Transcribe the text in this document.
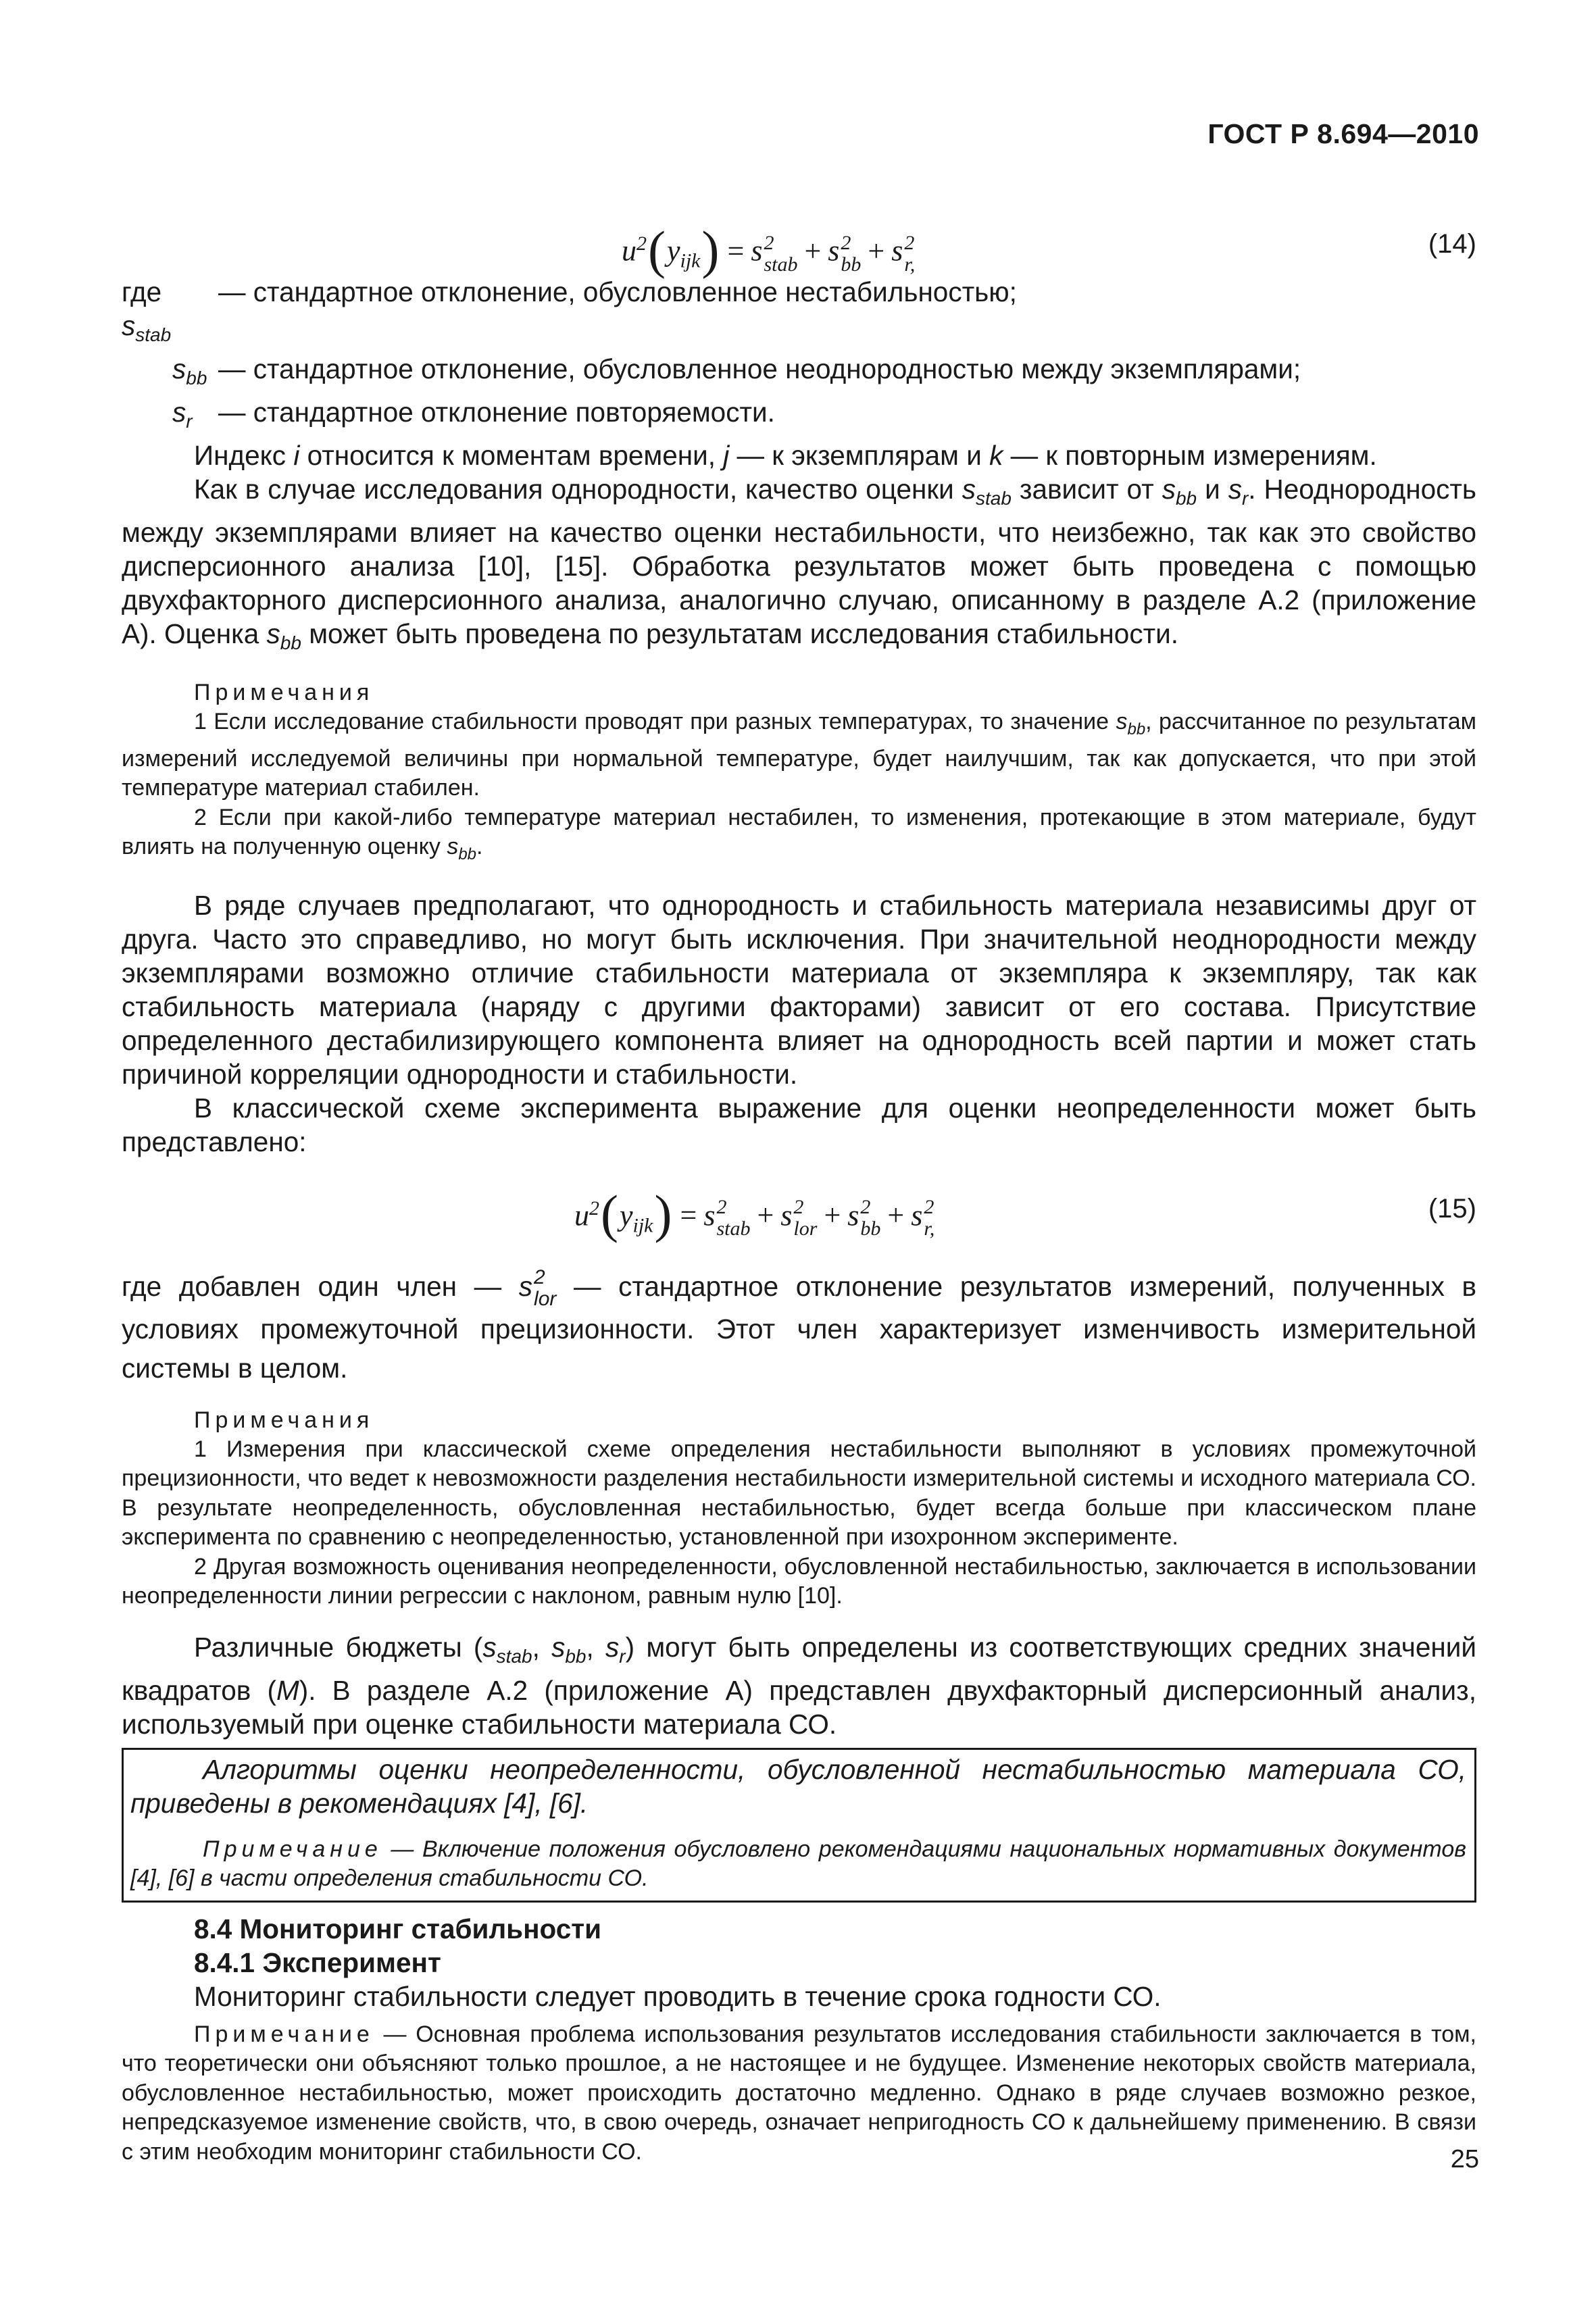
ГОСТ Р 8.694—2010
$u^2(y_{ijk}) = s$ 2
stab + s 2
bb + s 2
r,
(14)
где $s_{stab}$
— стандартное отклонение, обусловленное нестабильностью;
$s_{bb}$ — стандартное отклонение, обусловленное неоднородностью между экземплярами;
$s_r$ — стандартное отклонение повторяемости.

Индекс i относится к моментам времени, j — к экземплярам и k — к повторным измерениям.

Как в случае исследования однородности, качество оценки $s_{stab}$ зависит от $s_{bb}$ и $s_r$. Неоднородность между экземплярами влияет на качество оценки нестабильности, что неизбежно, так как это свойство дисперсионного анализа [10], [15]. Обработка результатов может быть проведена с помощью двухфакторного дисперсионного анализа, аналогично случаю, описанному в разделе А.2 (приложение А). Оценка $s_{bb}$ может быть проведена по результатам исследования стабильности.

Примечания

1 Если исследование стабильности проводят при разных температурах, то значение $s_{bb}$, рассчитанное по результатам измерений исследуемой величины при нормальной температуре, будет наилучшим, так как допускается, что при этой температуре материал стабилен.

2 Если при какой-либо температуре материал нестабилен, то изменения, протекающие в этом материале, будут влиять на полученную оценку $s_{bb}$.

В ряде случаев предполагают, что однородность и стабильность материала независимы друг от друга. Часто это справедливо, но могут быть исключения. При значительной неоднородности между экземплярами возможно отличие стабильности материала от экземпляра к экземпляру, так как стабильность материала (наряду с другими факторами) зависит от его состава. Присутствие определенного дестабилизирующего компонента влияет на однородность всей партии и может стать причиной корреляции однородности и стабильности.

В классической схеме эксперимента выражение для оценки неопределенности может быть представлено:

$u^2(y_{ijk}) = s$ 2
stab + s 2
lor + s 2
bb + s 2
r,
(15)

где добавлен один член — s 2
lor — стандартное отклонение результатов измерений, полученных в условиях промежуточной прецизионности. Этот член характеризует изменчивость измерительной системы в целом.

Примечания

1 Измерения при классической схеме определения нестабильности выполняют в условиях промежуточной прецизионности, что ведет к невозможности разделения нестабильности измерительной системы и исходного материала СО. В результате неопределенность, обусловленная нестабильностью, будет всегда больше при классическом плане эксперимента по сравнению с неопределенностью, установленной при изохронном эксперименте.

2 Другая возможность оценивания неопределенности, обусловленной нестабильностью, заключается в использовании неопределенности линии регрессии с наклоном, равным нулю [10].

Различные бюджеты ($s_{stab}$, $s_{bb}$, $s_r$) могут быть определены из соответствующих средних значений квадратов (M). В разделе А.2 (приложение А) представлен двухфакторный дисперсионный анализ, используемый при оценке стабильности материала СО.

Алгоритмы оценки неопределенности, обусловленной нестабильностью материала СО, приведены в рекомендациях [4], [6].

Примечание — Включение положения обусловлено рекомендациями национальных нормативных документов [4], [6] в части определения стабильности СО.

8.4 Мониторинг стабильности
8.4.1 Эксперимент

Мониторинг стабильности следует проводить в течение срока годности СО.

Примечание — Основная проблема использования результатов исследования стабильности заключается в том, что теоретически они объясняют только прошлое, а не настоящее и не будущее. Изменение некоторых свойств материала, обусловленное нестабильностью, может происходить достаточно медленно. Однако в ряде случаев возможно резкое, непредсказуемое изменение свойств, что, в свою очередь, означает непригодность СО к дальнейшему применению. В связи с этим необходим мониторинг стабильности СО.	25
